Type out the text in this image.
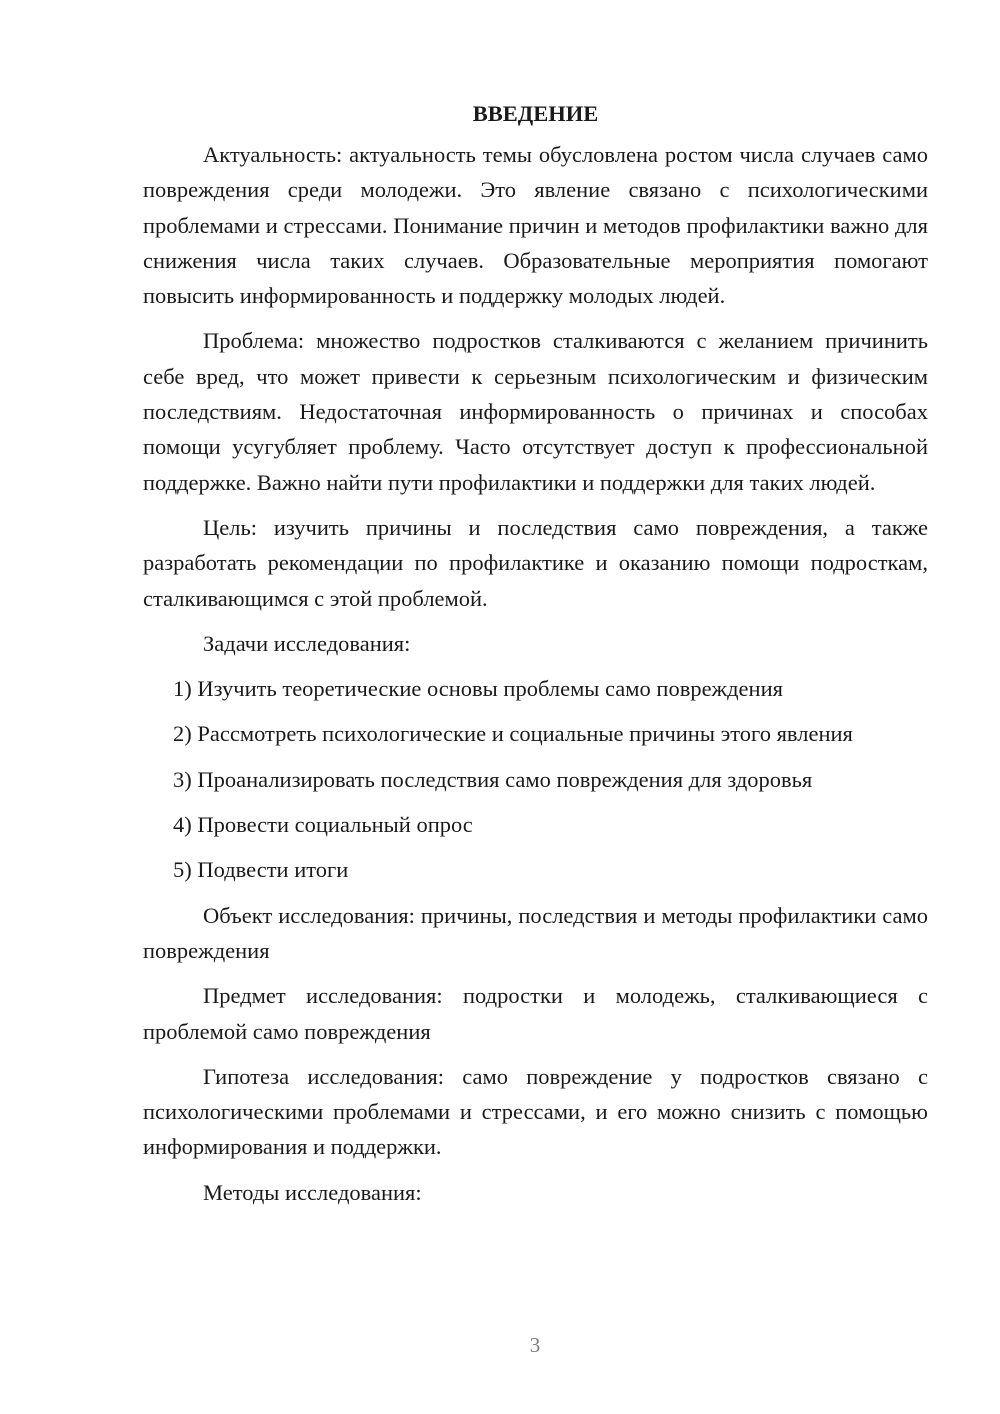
ВВЕДЕНИЕ

Актуальность: актуальность темы обусловлена ростом числа случаев само повреждения среди молодежи. Это явление связано с психологическими проблемами и стрессами. Понимание причин и методов профилактики важно для снижения числа таких случаев. Образовательные мероприятия помогают повысить информированность и поддержку молодых людей.

Проблема: множество подростков сталкиваются с желанием причинить себе вред, что может привести к серьезным психологическим и физическим последствиям. Недостаточная информированность о причинах и способах помощи усугубляет проблему. Часто отсутствует доступ к профессиональной поддержке. Важно найти пути профилактики и поддержки для таких людей.

Цель: изучить причины и последствия само повреждения, а также разработать рекомендации по профилактике и оказанию помощи подросткам, сталкивающимся с этой проблемой.

Задачи исследования:

1) Изучить теоретические основы проблемы само повреждения
2) Рассмотреть психологические и социальные причины этого явления
3) Проанализировать последствия само повреждения для здоровья
4) Провести социальный опрос
5) Подвести итоги

Объект исследования: причины, последствия и методы профилактики само повреждения

Предмет исследования: подростки и молодежь, сталкивающиеся с проблемой само повреждения

Гипотеза исследования: само повреждение у подростков связано с психологическими проблемами и стрессами, и его можно снизить с помощью информирования и поддержки.

Методы исследования:

3
